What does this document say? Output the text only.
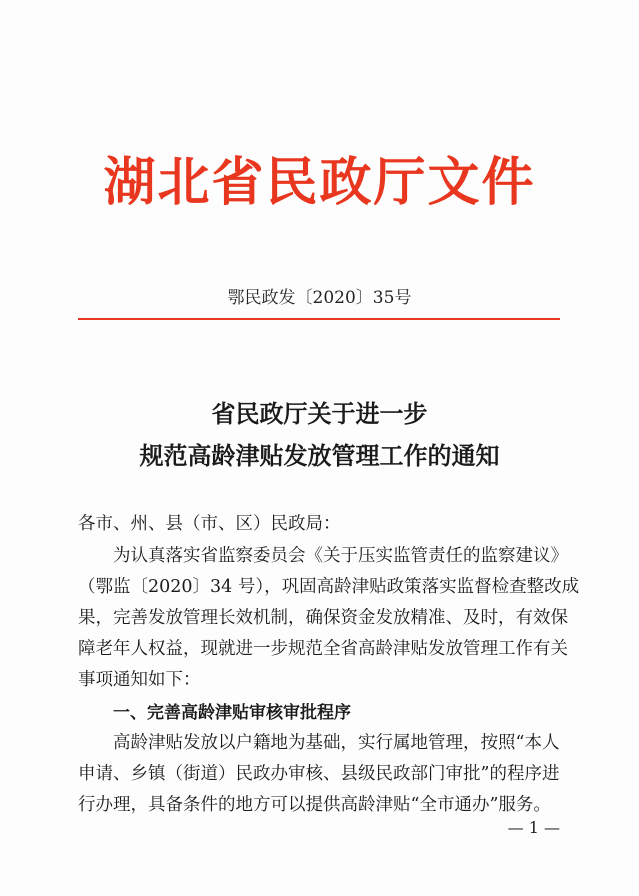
湖北省民政厅文件
鄂民政发〔2020〕35号
省民政厅关于进一步
规范高龄津贴发放管理工作的通知
各市、州、县（市、区）民政局：
为认真落实省监察委员会《关于压实监管责任的监察建议》
（鄂监〔2020〕34 号），巩固高龄津贴政策落实监督检查整改成
果，完善发放管理长效机制，确保资金发放精准、及时，有效保
障老年人权益，现就进一步规范全省高龄津贴发放管理工作有关
事项通知如下：
一、完善高龄津贴审核审批程序
高龄津贴发放以户籍地为基础，实行属地管理，按照“本人
申请、乡镇（街道）民政办审核、县级民政部门审批”的程序进
行办理，具备条件的地方可以提供高龄津贴“全市通办”服务。
— 1 —
